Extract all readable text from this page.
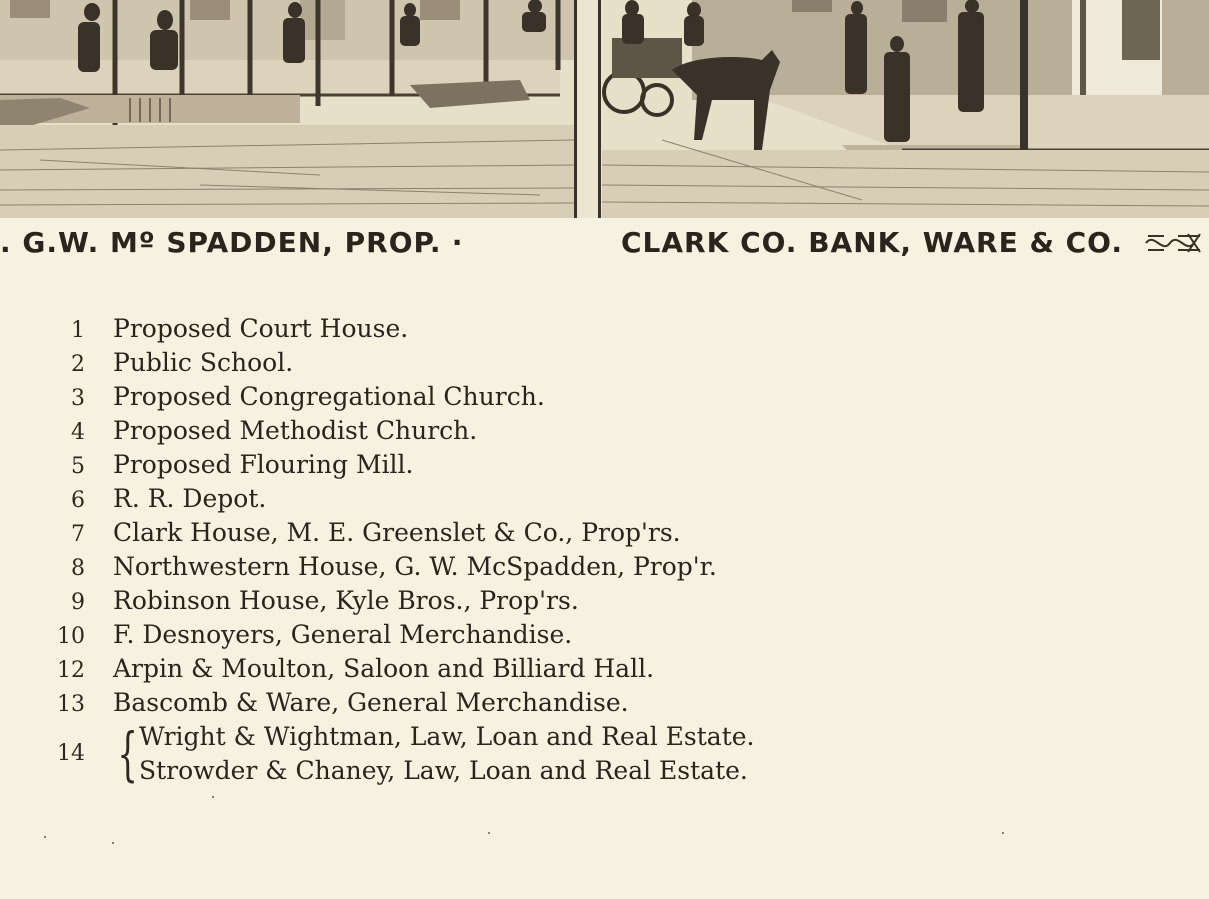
. G.W. Mº SPADDEN, PROP. ‧	CLARK CO. BANK, WARE & CO.
1	Proposed Court House.
2	Public School.
3	Proposed Congregational Church.
4	Proposed Methodist Church.
5	Proposed Flouring Mill.
6	R. R. Depot.
7	Clark House, M. E. Greenslet & Co., Prop'rs.
8	Northwestern House, G. W. McSpadden, Prop'r.
9	Robinson House, Kyle Bros., Prop'rs.
10	F. Desnoyers, General Merchandise.
12	Arpin & Moulton, Saloon and Billiard Hall.
13	Bascomb & Ware, General Merchandise.
14 { Wright & Wightman, Law, Loan and Real Estate.
Strowder & Chaney, Law, Loan and Real Estate.
